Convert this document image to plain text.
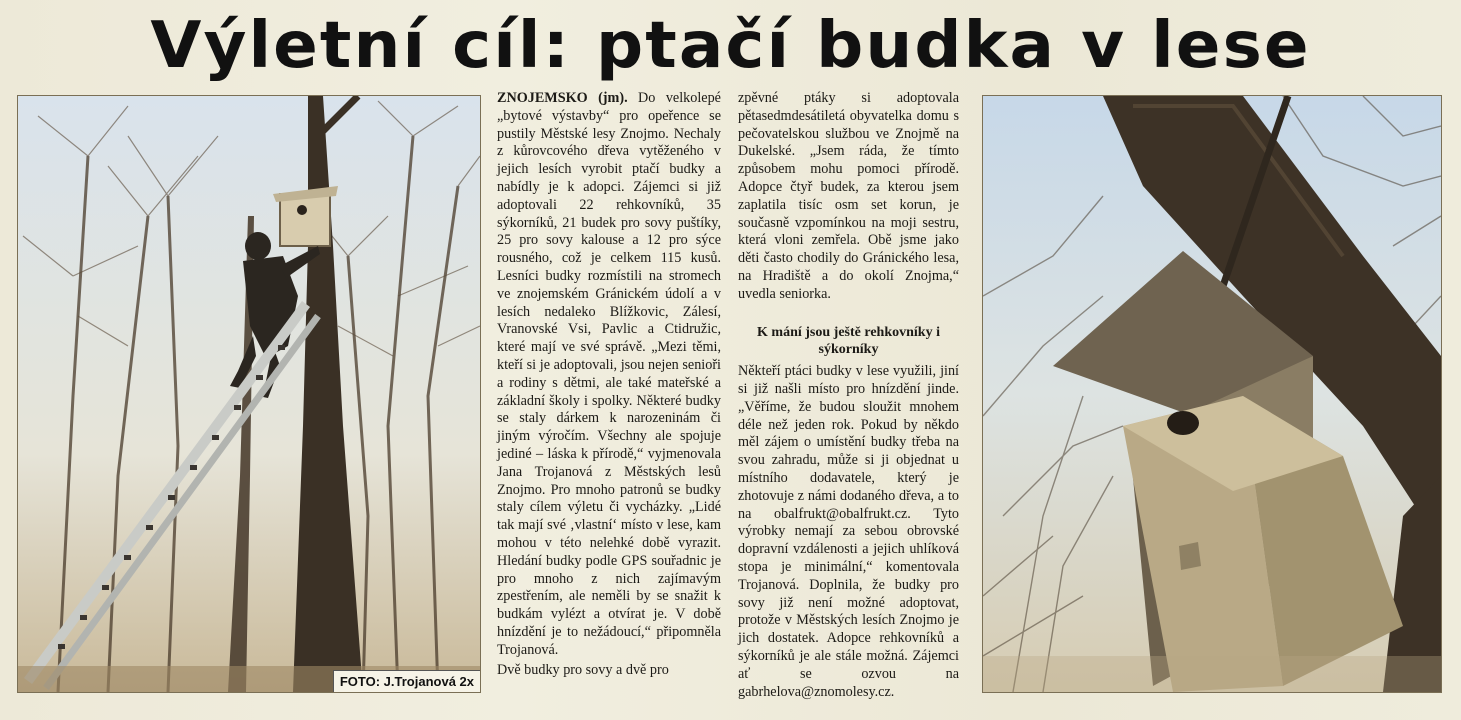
Výletní cíl: ptačí budka v lese
FOTO: J.Trojanová 2x

ZNOJEMSKO (jm). Do velkolepé „bytové výstavby“ pro opeřence se pustily Městské lesy Znojmo. Nechaly z kůrovcového dřeva vytěženého v jejich lesích vyrobit ptačí budky a nabídly je k adopci. Zájemci si již adoptovali 22 rehkovníků, 35 sýkorníků, 21 budek pro sovy puštíky, 25 pro sovy kalouse a 12 pro sýce rousného, což je celkem 115 kusů. Lesníci budky rozmístili na stromech ve znojemském Gránickém údolí a v lesích nedaleko Blížkovic, Zálesí, Vranovské Vsi, Pavlic a Ctidružic, které mají ve své správě. „Mezi těmi, kteří si je adoptovali, jsou nejen senioři a rodiny s dětmi, ale také mateřské a základní školy i spolky. Některé budky se staly dárkem k narozeninám či jiným výročím. Všechny ale spojuje jediné – láska k přírodě,“ vyjmenovala Jana Trojanová z Městských lesů Znojmo. Pro mnoho patronů se budky staly cílem výletu či vycházky. „Lidé tak mají své ‚vlastní‘ místo v lese, kam mohou v této nelehké době vyrazit. Hledání budky podle GPS souřadnic je pro mnoho z nich zajímavým zpestřením, ale neměli by se snažit k budkám vylézt a otvírat je. V době hnízdění je to nežádoucí,“ připomněla Trojanová.

Dvě budky pro sovy a dvě pro

zpěvné ptáky si adoptovala pětasedmdesátiletá obyvatelka domu s pečovatelskou službou ve Znojmě na Dukelské. „Jsem ráda, že tímto způsobem mohu pomoci přírodě. Adopce čtyř budek, za kterou jsem zaplatila tisíc osm set korun, je současně vzpomínkou na moji sestru, která vloni zemřela. Obě jsme jako děti často chodily do Gránického lesa, na Hradiště a do okolí Znojma,“ uvedla seniorka.

K mání jsou ještě rehkovníky i sýkorníky

Někteří ptáci budky v lese využili, jiní si již našli místo pro hnízdění jinde. „Věříme, že budou sloužit mnohem déle než jeden rok. Pokud by někdo měl zájem o umístění budky třeba na svou zahradu, může si ji objednat u místního dodavatele, který je zhotovuje z námi dodaného dřeva, a to na obalfrukt@obalfrukt.cz. Tyto výrobky nemají za sebou obrovské dopravní vzdálenosti a jejich uhlíková stopa je minimální,“ komentovala Trojanová. Doplnila, že budky pro sovy již není možné adoptovat, protože v Městských lesích Znojmo je jich dostatek. Adopce rehkovníků a sýkorníků je ale stále možná. Zájemci ať se ozvou na gabrhelova@znomolesy.cz.
